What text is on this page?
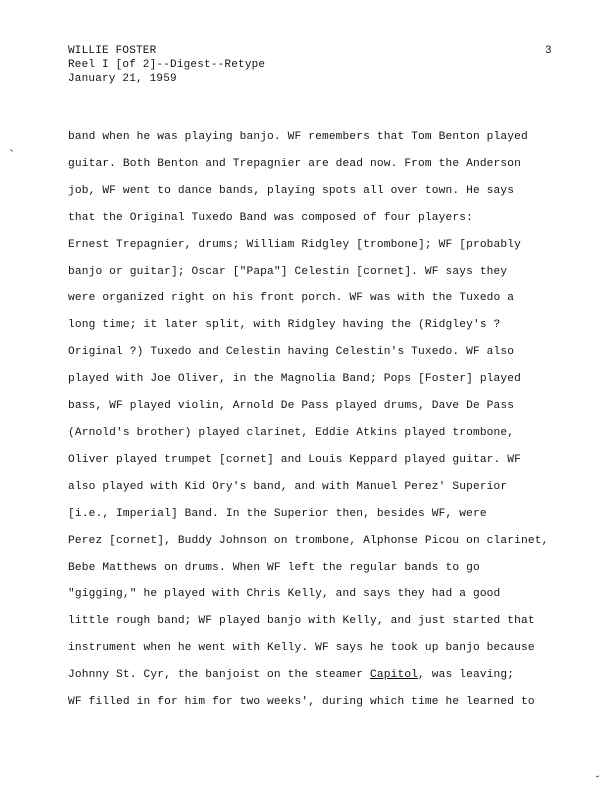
WILLIE FOSTER
Reel I [of 2]--Digest--Retype
January 21, 1959
3
band when he was playing banjo. WF remembers that Tom Benton played
guitar. Both Benton and Trepagnier are dead now. From the Anderson
job, WF went to dance bands, playing spots all over town. He says
that the Original Tuxedo Band was composed of four players:
Ernest Trepagnier, drums; William Ridgley [trombone]; WF [probably
banjo or guitar]; Oscar ["Papa"] Celestin [cornet]. WF says they
were organized right on his front porch. WF was with the Tuxedo a
long time; it later split, with Ridgley having the (Ridgley's ?
Original ?) Tuxedo and Celestin having Celestin's Tuxedo. WF also
played with Joe Oliver, in the Magnolia Band; Pops [Foster] played
bass, WF played violin, Arnold De Pass played drums, Dave De Pass
(Arnold's brother) played clarinet, Eddie Atkins played trombone,
Oliver played trumpet [cornet] and Louis Keppard played guitar. WF
also played with Kid Ory's band, and with Manuel Perez' Superior
[i.e., Imperial] Band. In the Superior then, besides WF, were
Perez [cornet], Buddy Johnson on trombone, Alphonse Picou on clarinet,
Bebe Matthews on drums. When WF left the regular bands to go
"gigging," he played with Chris Kelly, and says they had a good
little rough band; WF played banjo with Kelly, and just started that
instrument when he went with Kelly. WF says he took up banjo because
Johnny St. Cyr, the banjoist on the steamer Capitol, was leaving;
WF filled in for him for two weeks', during which time he learned to
